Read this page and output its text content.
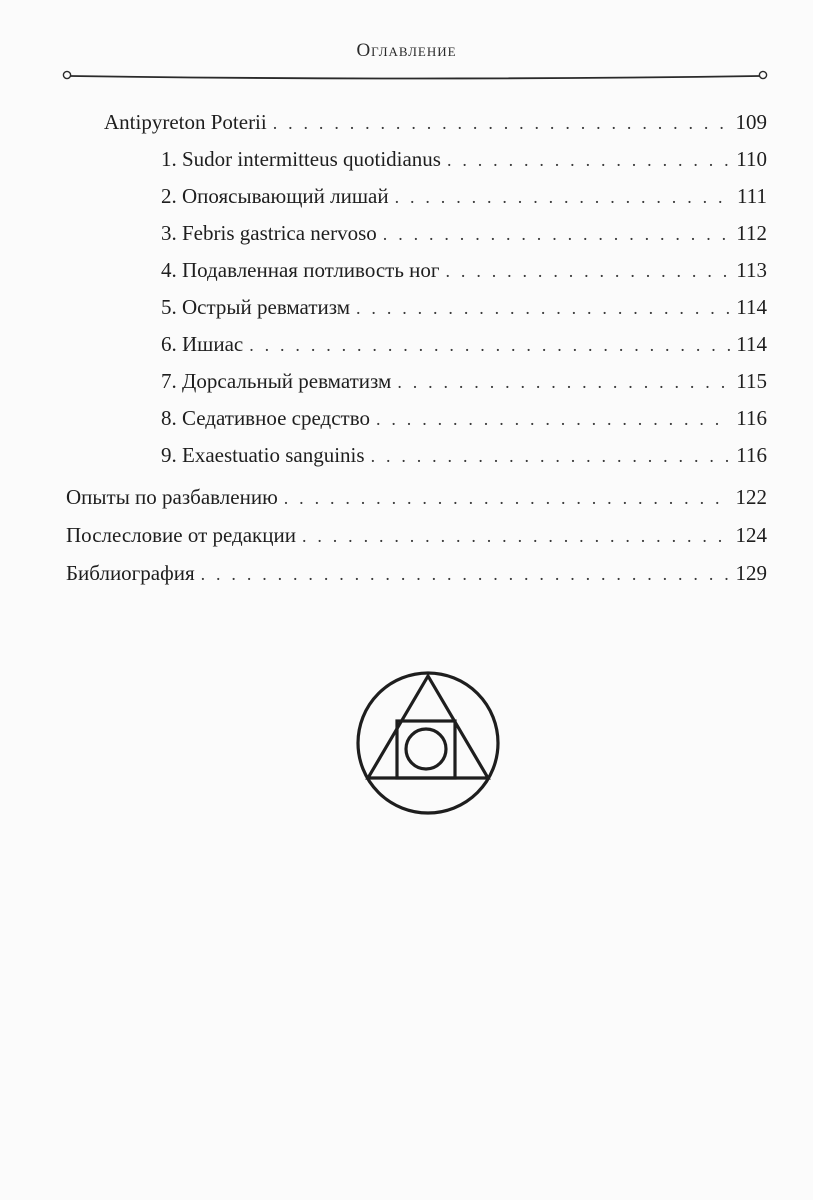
Оглавление
Antipyreton Poterii . . .	109
1. Sudor intermitteus quotidianus . . .	110
2. Опоясывающий лишай . . .	111
3. Febris gastrica nervoso . . .	112
4. Подавленная потливость ног . . .	113
5. Острый ревматизм . . .	114
6. Ишиас . . .	114
7. Дорсальный ревматизм . . .	115
8. Седативное средство . . .	116
9. Exaestuatio sanguinis . . .	116
Опыты по разбавлению . . .	122
Послесловие от редакции . . .	124
Библиография . . .	129
